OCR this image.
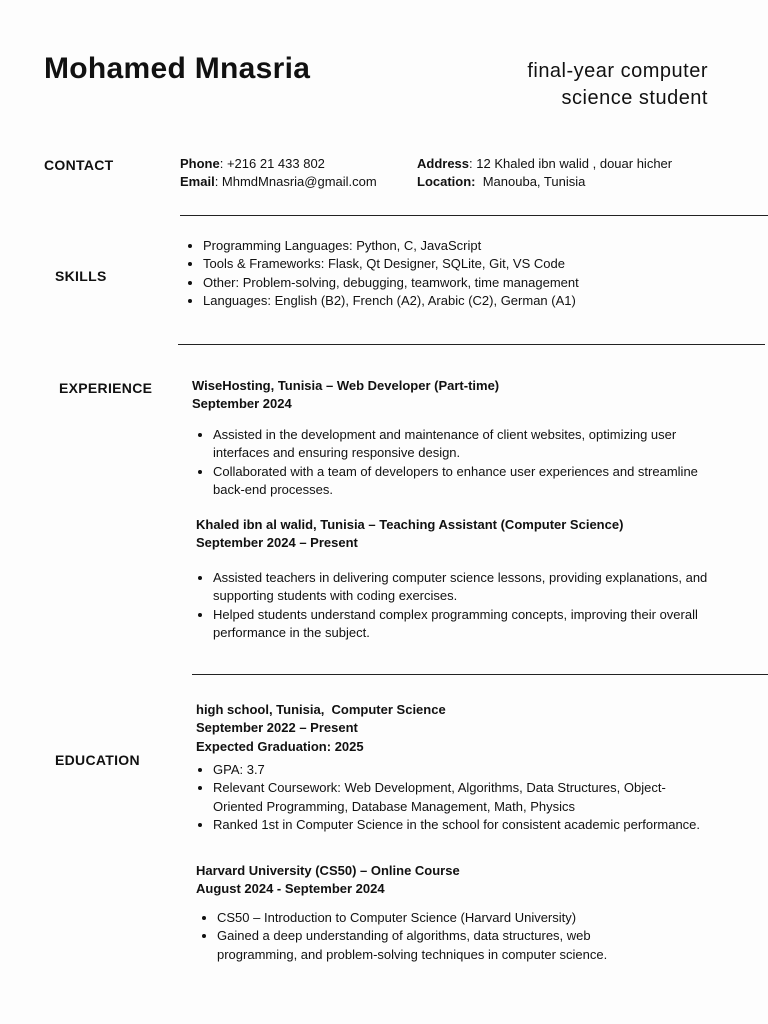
Mohamed Mnasria	final-year computer
science student
CONTACT	Phone: +216 21 433 802
Email: MhmdMnasria@gmail.com
Address: 12 Khaled ibn walid , douar hicher
Location:  Manouba, Tunisia
SKILLS
• Programming Languages: Python, C, JavaScript
• Tools & Frameworks: Flask, Qt Designer, SQLite, Git, VS Code
• Other: Problem-solving, debugging, teamwork, time management
• Languages: English (B2), French (A2), Arabic (C2), German (A1)
EXPERIENCE	WiseHosting, Tunisia – Web Developer (Part-time)
September 2024
• Assisted in the development and maintenance of client websites, optimizing user interfaces and ensuring responsive design.
• Collaborated with a team of developers to enhance user experiences and streamline back-end processes.
Khaled ibn al walid, Tunisia – Teaching Assistant (Computer Science)
September 2024 – Present
• Assisted teachers in delivering computer science lessons, providing explanations, and supporting students with coding exercises.
• Helped students understand complex programming concepts, improving their overall performance in the subject.
EDUCATION
high school, Tunisia,  Computer Science
September 2022 – Present
Expected Graduation: 2025
• GPA: 3.7
• Relevant Coursework: Web Development, Algorithms, Data Structures, Object-Oriented Programming, Database Management, Math, Physics
• Ranked 1st in Computer Science in the school for consistent academic performance.
Harvard University (CS50) – Online Course
August 2024 - September 2024
• CS50 – Introduction to Computer Science (Harvard University)
• Gained a deep understanding of algorithms, data structures, web programming, and problem-solving techniques in computer science.
